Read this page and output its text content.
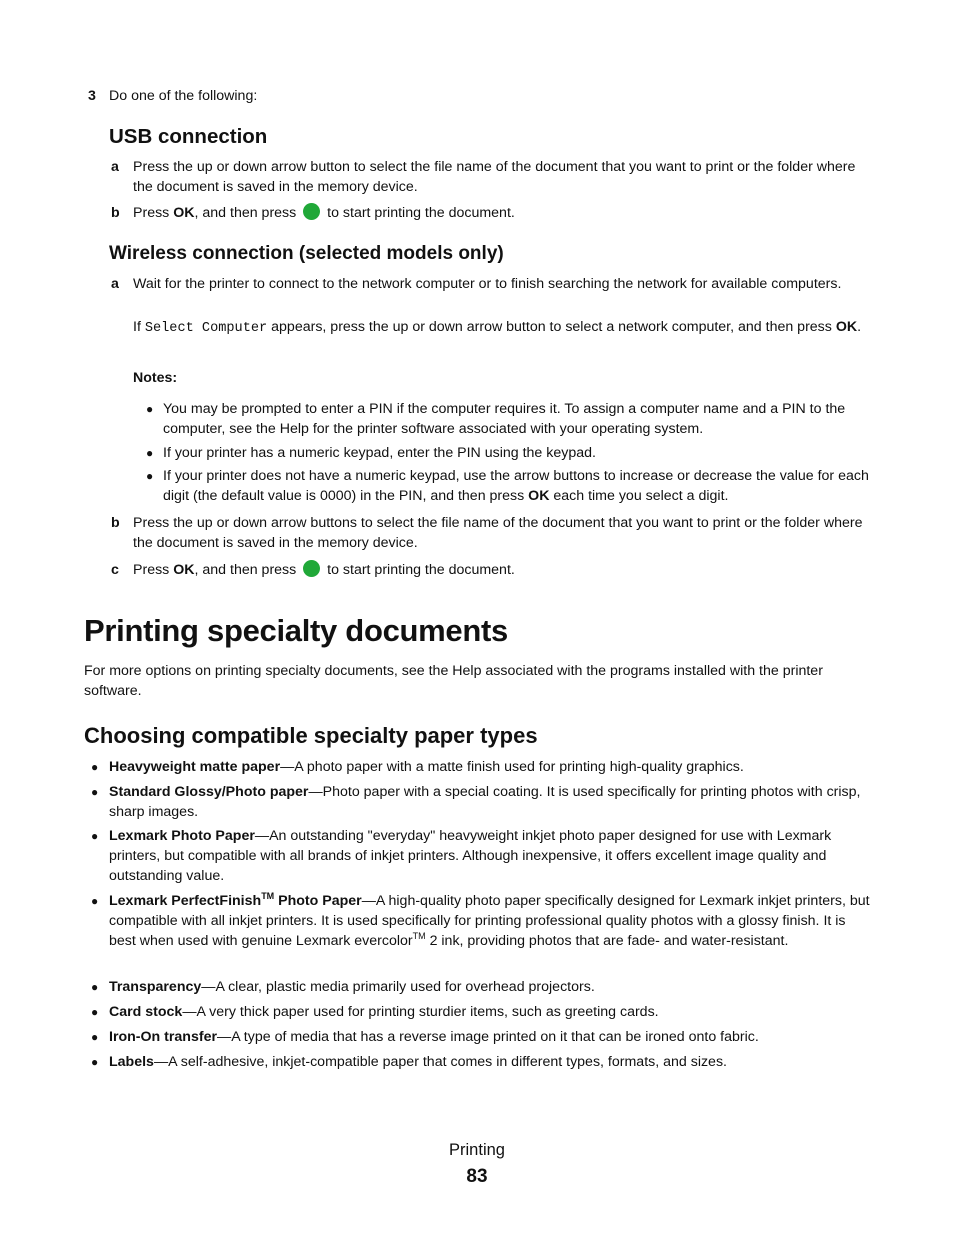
3 Do one of the following:
USB connection
a Press the up or down arrow button to select the file name of the document that you want to print or the folder where the document is saved in the memory device.
b Press OK, and then press  to start printing the document.
Wireless connection (selected models only)
a Wait for the printer to connect to the network computer or to finish searching the network for available computers.
If Select Computer appears, press the up or down arrow button to select a network computer, and then press OK.
Notes:
● You may be prompted to enter a PIN if the computer requires it. To assign a computer name and a PIN to the computer, see the Help for the printer software associated with your operating system.
● If your printer has a numeric keypad, enter the PIN using the keypad.
● If your printer does not have a numeric keypad, use the arrow buttons to increase or decrease the value for each digit (the default value is 0000) in the PIN, and then press OK each time you select a digit.
b Press the up or down arrow buttons to select the file name of the document that you want to print or the folder where the document is saved in the memory device.
c Press OK, and then press  to start printing the document.
Printing specialty documents
For more options on printing specialty documents, see the Help associated with the programs installed with the printer software.
Choosing compatible specialty paper types
● Heavyweight matte paper—A photo paper with a matte finish used for printing high-quality graphics.
● Standard Glossy/Photo paper—Photo paper with a special coating. It is used specifically for printing photos with crisp, sharp images.
● Lexmark Photo Paper—An outstanding "everyday" heavyweight inkjet photo paper designed for use with Lexmark printers, but compatible with all brands of inkjet printers. Although inexpensive, it offers excellent image quality and outstanding value.
● Lexmark PerfectFinish™ Photo Paper—A high-quality photo paper specifically designed for Lexmark inkjet printers, but compatible with all inkjet printers. It is used specifically for printing professional quality photos with a glossy finish. It is best when used with genuine Lexmark evercolor™ 2 ink, providing photos that are fade- and water-resistant.
● Transparency—A clear, plastic media primarily used for overhead projectors.
● Card stock—A very thick paper used for printing sturdier items, such as greeting cards.
● Iron-On transfer—A type of media that has a reverse image printed on it that can be ironed onto fabric.
● Labels—A self-adhesive, inkjet-compatible paper that comes in different types, formats, and sizes.
Printing
83
